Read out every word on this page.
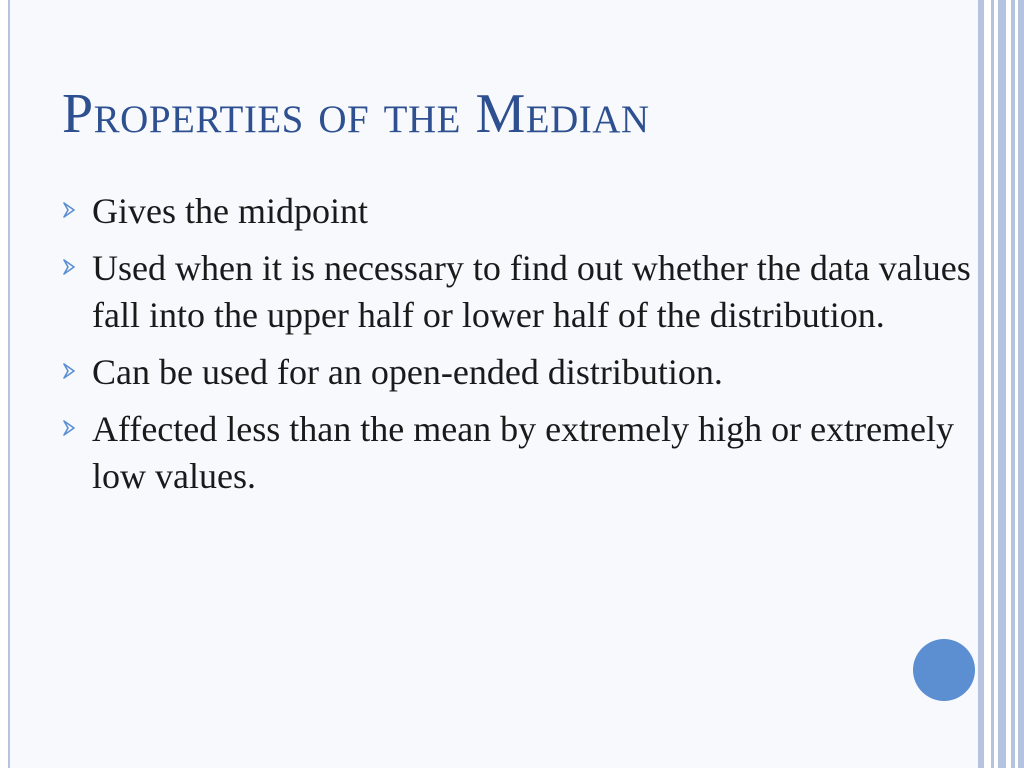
Properties of the Median
Gives the midpoint
Used when it is necessary to find out whether the data values fall into the upper half or lower half of the distribution.
Can be used for an open-ended distribution.
Affected less than the mean by extremely high or extremely low values.
